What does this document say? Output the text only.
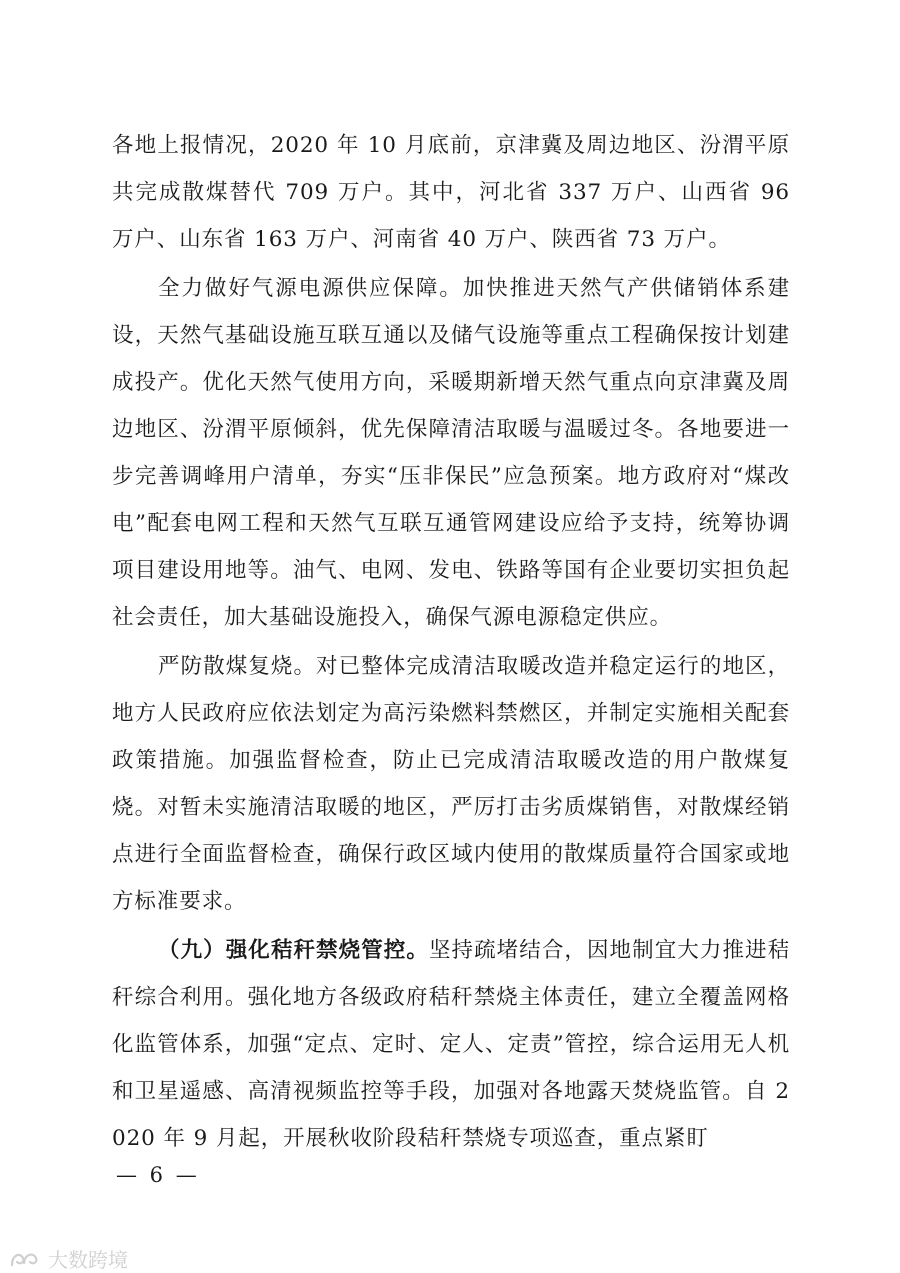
各地上报情况，2020 年 10 月底前，京津冀及周边地区、汾渭平原共完成散煤替代 709 万户。其中，河北省 337 万户、山西省 96 万户、山东省 163 万户、河南省 40 万户、陕西省 73 万户。

全力做好气源电源供应保障。加快推进天然气产供储销体系建设，天然气基础设施互联互通以及储气设施等重点工程确保按计划建成投产。优化天然气使用方向，采暖期新增天然气重点向京津冀及周边地区、汾渭平原倾斜，优先保障清洁取暖与温暖过冬。各地要进一步完善调峰用户清单，夯实“压非保民”应急预案。地方政府对“煤改电”配套电网工程和天然气互联互通管网建设应给予支持，统筹协调项目建设用地等。油气、电网、发电、铁路等国有企业要切实担负起社会责任，加大基础设施投入，确保气源电源稳定供应。

严防散煤复烧。对已整体完成清洁取暖改造并稳定运行的地区，地方人民政府应依法划定为高污染燃料禁燃区，并制定实施相关配套政策措施。加强监督检查，防止已完成清洁取暖改造的用户散煤复烧。对暂未实施清洁取暖的地区，严厉打击劣质煤销售，对散煤经销点进行全面监督检查，确保行政区域内使用的散煤质量符合国家或地方标准要求。

（九）强化秸秆禁烧管控。坚持疏堵结合，因地制宜大力推进秸秆综合利用。强化地方各级政府秸秆禁烧主体责任，建立全覆盖网格化监管体系，加强“定点、定时、定人、定责”管控，综合运用无人机和卫星遥感、高清视频监控等手段，加强对各地露天焚烧监管。自 2020 年 9 月起，开展秋收阶段秸秆禁烧专项巡查，重点紧盯

— 6 —
大数跨境
